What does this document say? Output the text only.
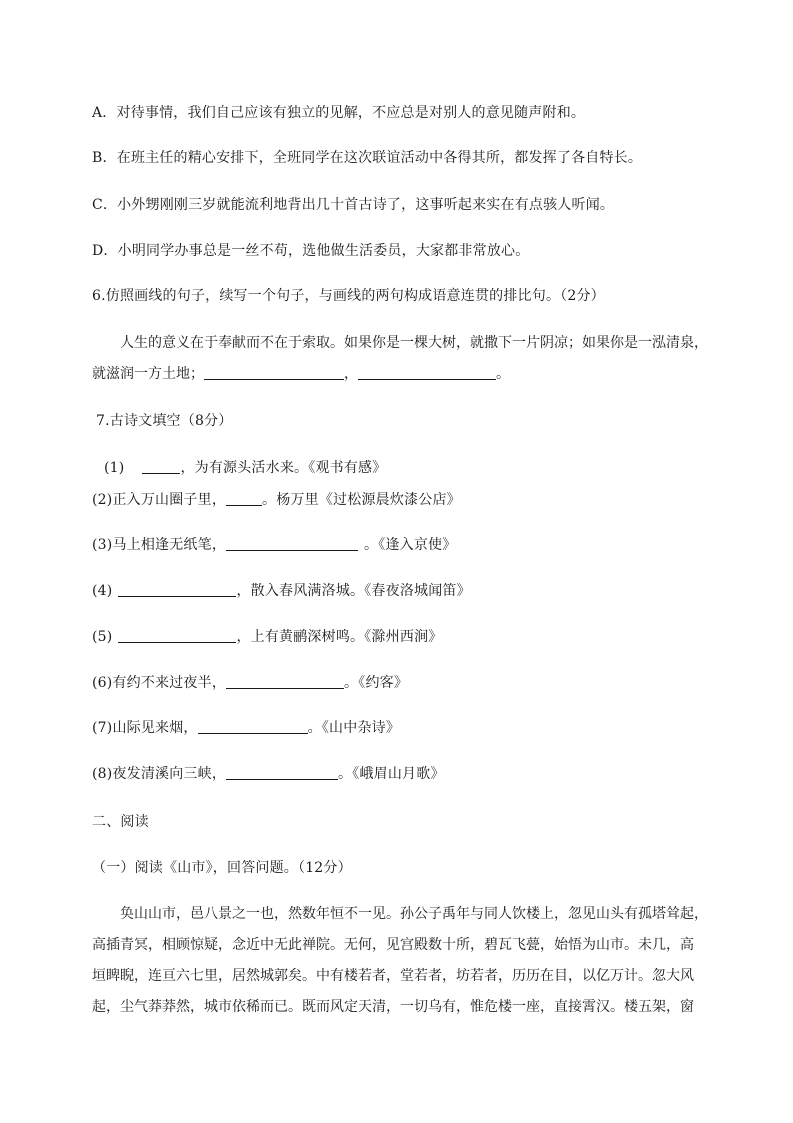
A．对待事情，我们自己应该有独立的见解，不应总是对别人的意见随声附和。
B．在班主任的精心安排下，全班同学在这次联谊活动中各得其所，都发挥了各自特长。
C．小外甥刚刚三岁就能流利地背出几十首古诗了，这事听起来实在有点骇人听闻。
D．小明同学办事总是一丝不苟，选他做生活委员，大家都非常放心。
6.仿照画线的句子，续写一个句子，与画线的两句构成语意连贯的排比句。（2分）
人生的意义在于奉献而不在于索取。如果你是一棵大树，就撒下一片阴凉；如果你是一泓清泉，
就滋润一方土地；	，	。
7.古诗文填空（8分）
(1)	，为有源头活水来。《观书有感》
(2)正入万山圈子里，	。杨万里《过松源晨炊漆公店》
(3)马上相逢无纸笔，	。《逢入京使》
(4)	，散入春风满洛城。《春夜洛城闻笛》
(5)	，上有黄鹂深树鸣。《滁州西涧》
(6)有约不来过夜半，	。《约客》
(7)山际见来烟，	。《山中杂诗》
(8)夜发清溪向三峡，	。《峨眉山月歌》
二、阅读
（一）阅读《山市》，回答问题。（12分）
奂山山市，邑八景之一也，然数年恒不一见。孙公子禹年与同人饮楼上，忽见山头有孤塔耸起，
高插青冥，相顾惊疑，念近中无此禅院。无何，见宫殿数十所，碧瓦飞甍，始悟为山市。未几，高
垣睥睨，连亘六七里，居然城郭矣。中有楼若者，堂若者，坊若者，历历在目，以亿万计。忽大风
起，尘气莽莽然，城市依稀而已。既而风定天清，一切乌有，惟危楼一座，直接霄汉。楼五架，窗
